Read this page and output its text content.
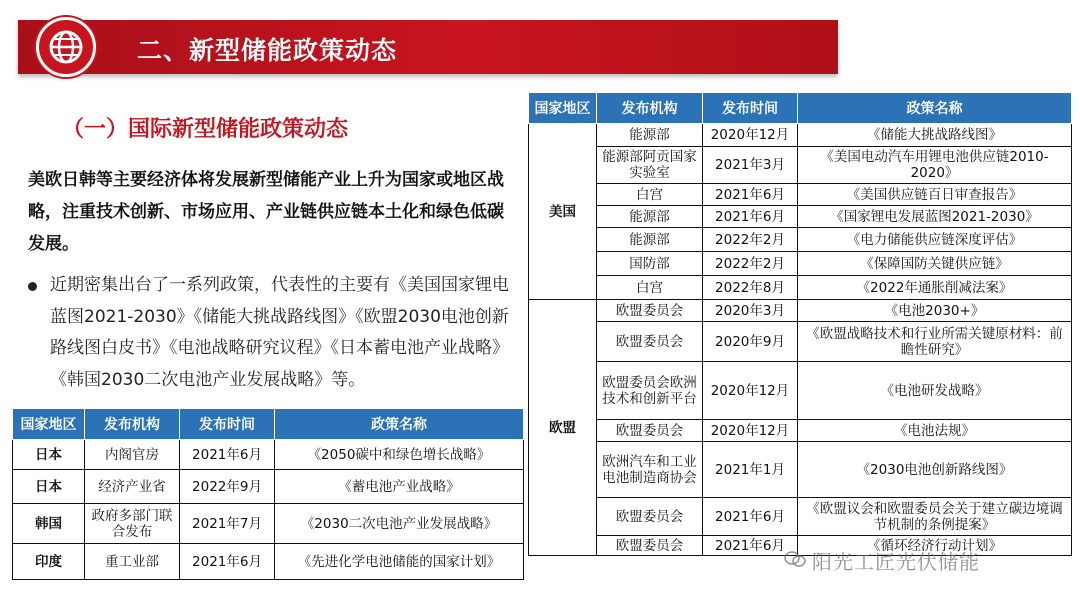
二、新型储能政策动态
（一）国际新型储能政策动态
美欧日韩等主要经济体将发展新型储能产业上升为国家或地区战略，注重技术创新、市场应用、产业链供应链本土化和绿色低碳发展。
近期密集出台了一系列政策，代表性的主要有《美国国家锂电蓝图2021-2030》《储能大挑战路线图》《欧盟2030电池创新路线图白皮书》《电池战略研究议程》《日本蓄电池产业战略》《韩国2030二次电池产业发展战略》等。
国家地区	发布机构	发布时间	政策名称
日本	内阁官房	2021年6月	《2050碳中和绿色增长战略》
日本	经济产业省	2022年9月	《蓄电池产业战略》
韩国	政府多部门联合发布	2021年7月	《2030二次电池产业发展战略》
印度	重工业部	2021年6月	《先进化学电池储能的国家计划》
国家地区	发布机构	发布时间	政策名称
美国	能源部	2020年12月	《储能大挑战路线图》
	能源部阿贡国家实验室	2021年3月	《美国电动汽车用锂电池供应链2010-2020》
	白宫	2021年6月	《美国供应链百日审查报告》
	能源部	2021年6月	《国家锂电发展蓝图2021-2030》
	能源部	2022年2月	《电力储能供应链深度评估》
	国防部	2022年2月	《保障国防关键供应链》
	白宫	2022年8月	《2022年通胀削减法案》
欧盟	欧盟委员会	2020年3月	《电池2030+》
	欧盟委员会	2020年9月	《欧盟战略技术和行业所需关键原材料：前瞻性研究》
	欧盟委员会欧洲技术和创新平台	2020年12月	《电池研发战略》
	欧盟委员会	2020年12月	《电池法规》
	欧洲汽车和工业电池制造商协会	2021年1月	《2030电池创新路线图》
	欧盟委员会	2021年6月	《欧盟议会和欧盟委员会关于建立碳边境调节机制的条例提案》
	欧盟委员会	2021年6月	《循环经济行动计划》
阳光工匠光伏储能
